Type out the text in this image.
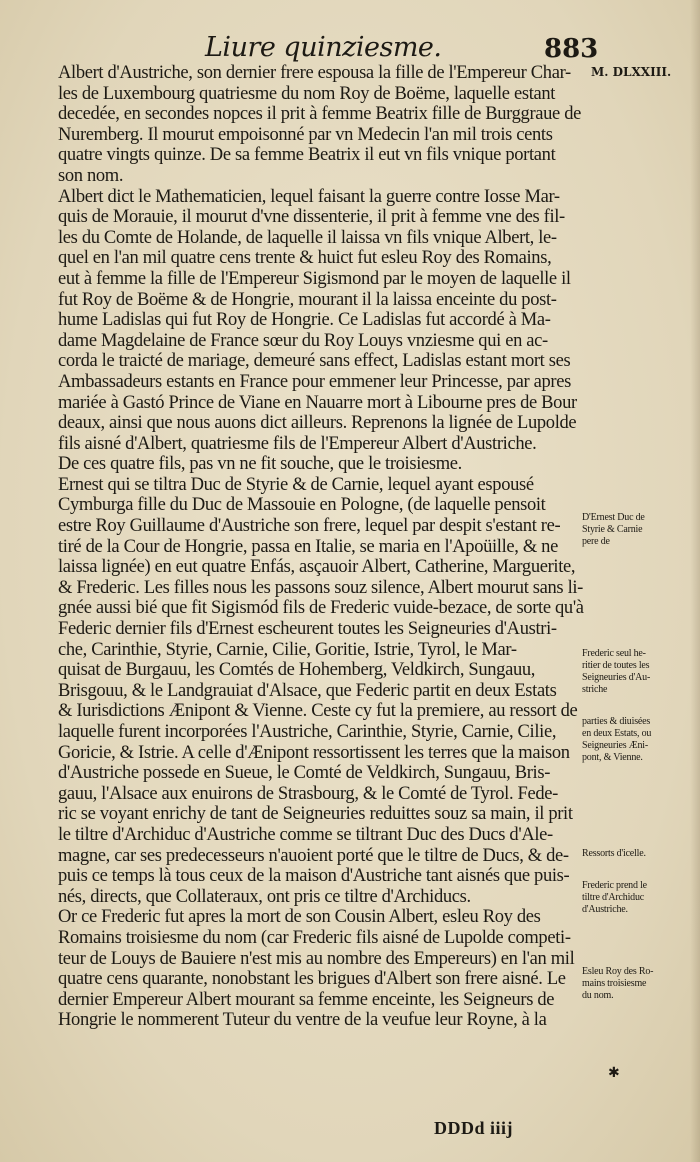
Liure quinziesme.	883
M. DLXXIII.
Albert d'Austriche, son dernier frere espousa la fille de l'Empereur Char-
les de Luxembourg quatriesme du nom Roy de Boëme, laquelle estant
decedée, en secondes nopces il prit à femme Beatrix fille de Burggraue de
Nuremberg. Il mourut empoisonné par vn Medecin l'an mil trois cents
quatre vingts quinze. De sa femme Beatrix il eut vn fils vnique portant
son nom.
Albert dict le Mathematicien, lequel faisant la guerre contre Iosse Mar-
quis de Morauie, il mourut d'vne dissenterie, il prit à femme vne des fil-
les du Comte de Holande, de laquelle il laissa vn fils vnique Albert, le-
quel en l'an mil quatre cens trente & huict fut esleu Roy des Romains,
eut à femme la fille de l'Empereur Sigismond par le moyen de laquelle il
fut Roy de Boëme & de Hongrie, mourant il la laissa enceinte du post-
hume Ladislas qui fut Roy de Hongrie. Ce Ladislas fut accordé à Ma-
dame Magdelaine de France sœur du Roy Louys vnziesme qui en ac-
corda le traicté de mariage, demeuré sans effect, Ladislas estant mort ses
Ambassadeurs estants en France pour emmener leur Princesse, par apres
mariée à Gastó Prince de Viane en Nauarre mort à Libourne pres de Bour
deaux, ainsi que nous auons dict ailleurs. Reprenons la lignée de Lupolde
fils aisné d'Albert, quatriesme fils de l'Empereur Albert d'Austriche.
De ces quatre fils, pas vn ne fit souche, que le troisiesme.
Ernest qui se tiltra Duc de Styrie & de Carnie, lequel ayant espousé
Cymburga fille du Duc de Massouie en Pologne, (de laquelle pensoit
estre Roy Guillaume d'Austriche son frere, lequel par despit s'estant re-
tiré de la Cour de Hongrie, passa en Italie, se maria en l'Apoüille, & ne
laissa lignée) en eut quatre Enfás, asçauoir Albert, Catherine, Marguerite,
& Frederic. Les filles nous les passons souz silence, Albert mourut sans li-
gnée aussi bié que fit Sigismód fils de Frederic vuide-bezace, de sorte qu'à
Federic dernier fils d'Ernest escheurent toutes les Seigneuries d'Austri-
che, Carinthie, Styrie, Carnie, Cilie, Goritie, Istrie, Tyrol, le Mar-
quisat de Burgauu, les Comtés de Hohemberg, Veldkirch, Sungauu,
Brisgouu, & le Landgrauiat d'Alsace, que Federic partit en deux Estats
& Iurisdictions Ænipont & Vienne. Ceste cy fut la premiere, au ressort de
laquelle furent incorporées l'Austriche, Carinthie, Styrie, Carnie, Cilie,
Goricie, & Istrie. A celle d'Ænipont ressortissent les terres que la maison
d'Austriche possede en Sueue, le Comté de Veldkirch, Sungauu, Bris-
gauu, l'Alsace aux enuirons de Strasbourg, & le Comté de Tyrol. Fede-
ric se voyant enrichy de tant de Seigneuries reduittes souz sa main, il prit
le tiltre d'Archiduc d'Austriche comme se tiltrant Duc des Ducs d'Ale-
magne, car ses predecesseurs n'auoient porté que le tiltre de Ducs, & de-
puis ce temps là tous ceux de la maison d'Austriche tant aisnés que puis-
nés, directs, que Collateraux, ont pris ce tiltre d'Archiducs.
Or ce Frederic fut apres la mort de son Cousin Albert, esleu Roy des
Romains troisiesme du nom (car Frederic fils aisné de Lupolde competi-
teur de Louys de Bauiere n'est mis au nombre des Empereurs) en l'an mil
quatre cens quarante, nonobstant les brigues d'Albert son frere aisné. Le
dernier Empereur Albert mourant sa femme enceinte, les Seigneurs de
Hongrie le nommerent Tuteur du ventre de la veufue leur Royne, à la
D'Ernest Duc de
Styrie & Carnie
pere de
Frederic seul he-
ritier de toutes les
Seigneuries d'Au-
striche
parties & diuisées
en deux Estats, ou
Seigneuries Æni-
pont, & Vienne.
Ressorts d'icelle.
Frederic prend le
tiltre d'Archiduc
d'Austriche.
Esleu Roy des Ro-
mains troisiesme
du nom.
✱
DDDd iiij
